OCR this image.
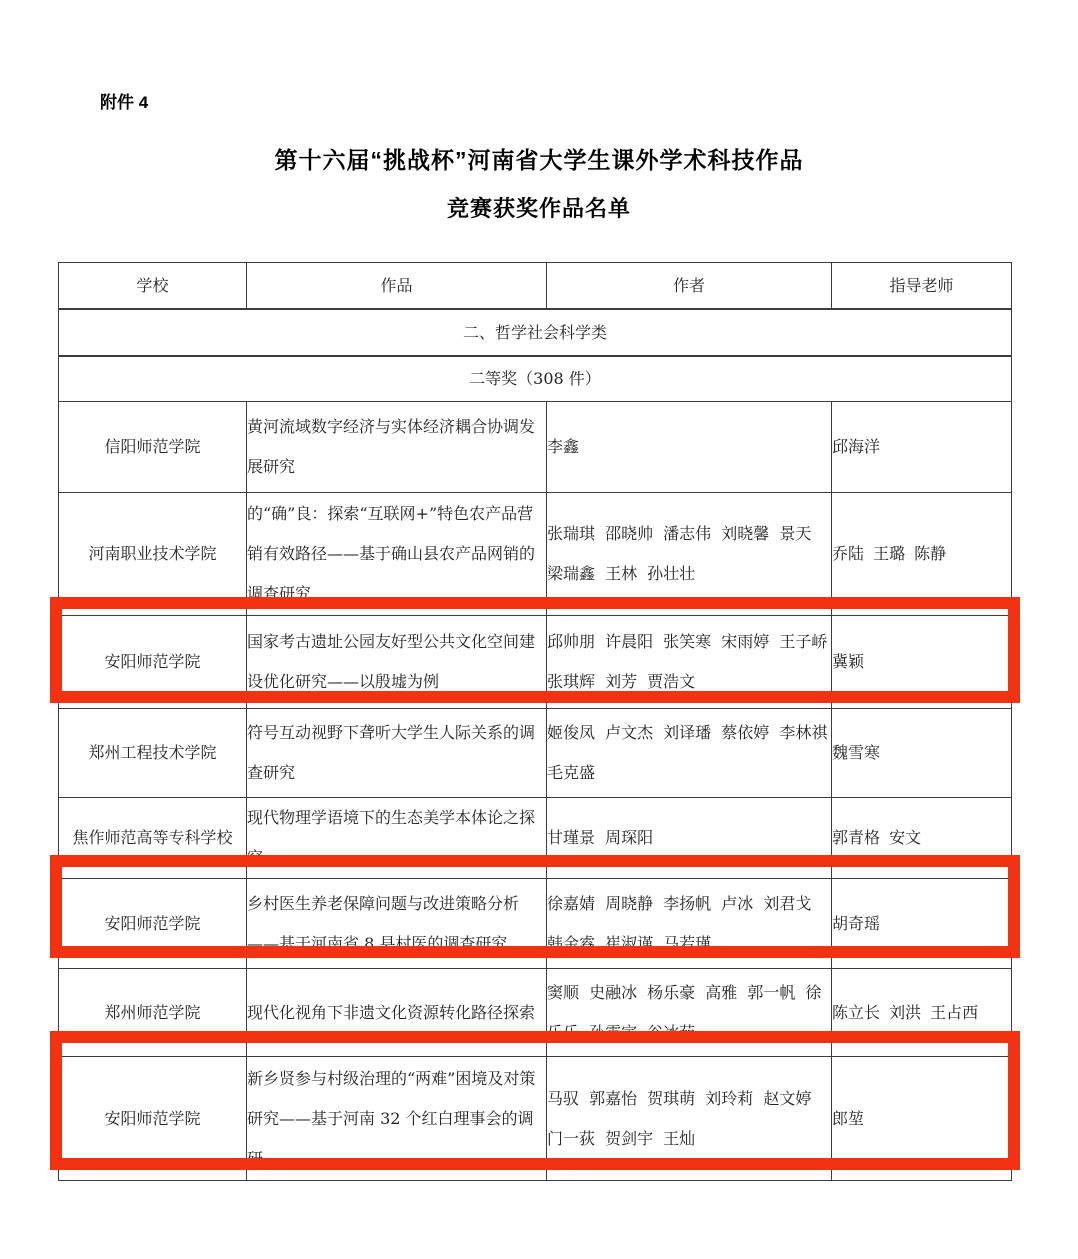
附件 4
第十六届“挑战杯”河南省大学生课外学术科技作品
竞赛获奖作品名单
学校	作品	作者	指导老师
二、哲学社会科学类			
二等奖（308 件）			
信阳师范学院	黄河流域数字经济与实体经济耦合协调发展研究	李鑫	邱海洋
河南职业技术学院	的“确”良：探索“互联网+”特色农产品营销有效路径——基于确山县农产品网销的调查研究	张瑞琪 邵晓帅 潘志伟 刘晓馨 景天 梁瑞鑫 王林 孙壮壮	乔陆 王璐 陈静
安阳师范学院	国家考古遗址公园友好型公共文化空间建设优化研究——以殷墟为例	邱帅朋 许晨阳 张笑寒 宋雨婷 王子峤 张琪辉 刘芳 贾浩文	冀颖
郑州工程技术学院	符号互动视野下聋听大学生人际关系的调查研究	姬俊凤 卢文杰 刘译璠 蔡依婷 李林祺 毛克盛	魏雪寒
焦作师范高等专科学校	现代物理学语境下的生态美学本体论之探究	甘瑾景 周琛阳	郭青格 安文
安阳师范学院	乡村医生养老保障问题与改进策略分析——基于河南省 8 县村医的调查研究	徐嘉婧 周晓静 李扬帆 卢冰 刘君戈 韩金睿 崔淑谨 马若瑾	胡奇瑶
郑州师范学院	现代化视角下非遗文化资源转化路径探索	窦顺 史融冰 杨乐豪 高雅 郭一帆 徐乐乐 孙震宇 谷冰茹	陈立长 刘洪 王占西
安阳师范学院	新乡贤参与村级治理的“两难”困境及对策研究——基于河南 32 个红白理事会的调研	马驭 郭嘉怡 贺琪萌 刘玲莉 赵文婷 门一荻 贺剑宇 王灿	郎堃
